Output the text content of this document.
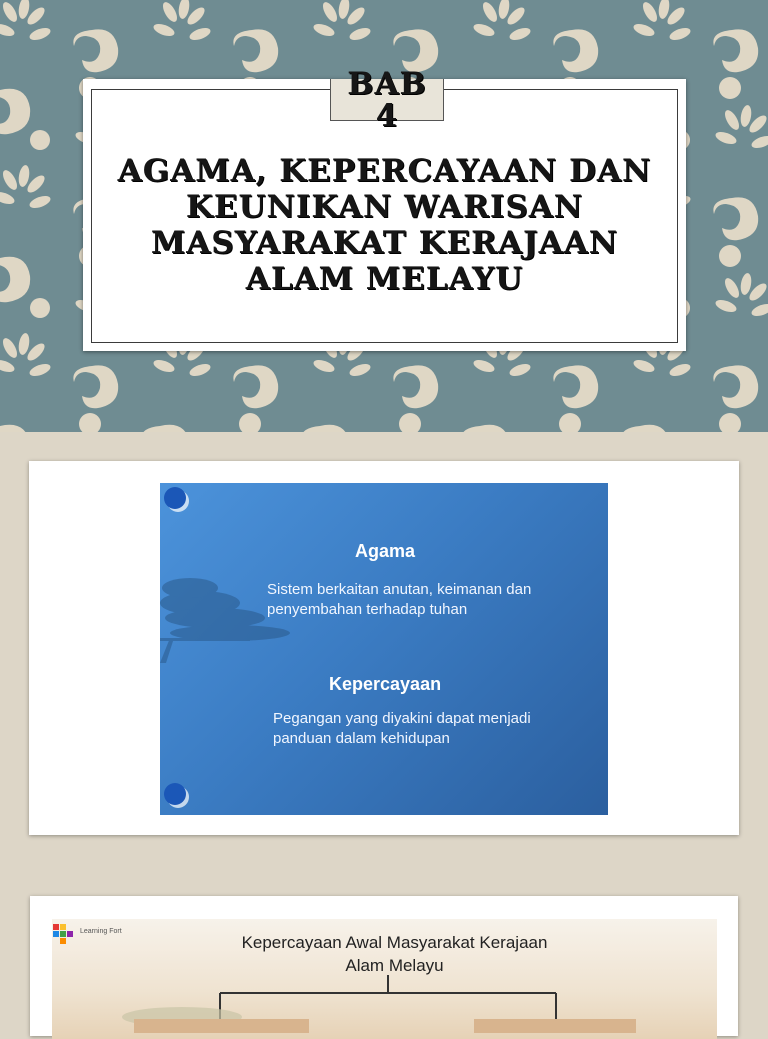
BAB 4
AGAMA, KEPERCAYAAN DAN KEUNIKAN WARISAN MASYARAKAT KERAJAAN ALAM MELAYU
Agama
Sistem berkaitan anutan, keimanan dan penyembahan terhadap tuhan
Kepercayaan
Pegangan yang diyakini dapat menjadi panduan dalam kehidupan
Learning Fort
Kepercayaan Awal Masyarakat Kerajaan Alam Melayu
